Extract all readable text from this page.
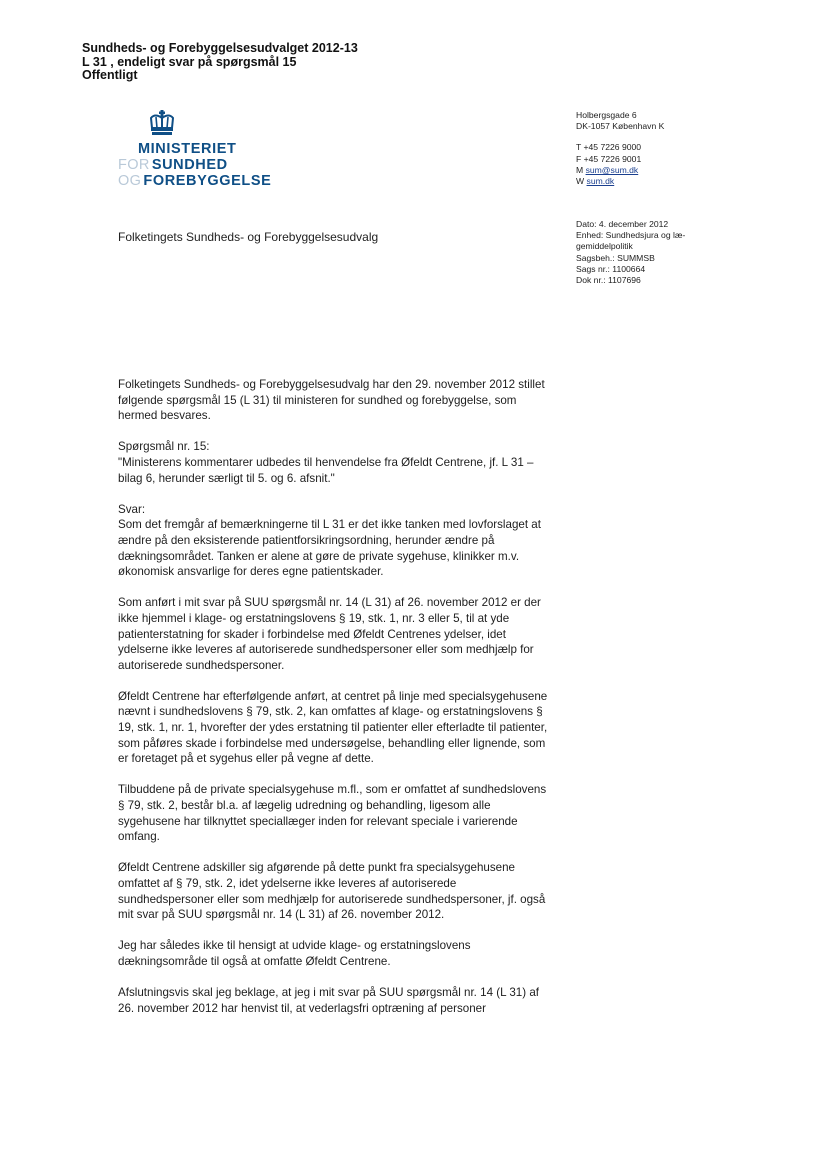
Sundheds- og Forebyggelsesudvalget 2012-13
L 31 , endeligt svar på spørgsmål 15
Offentligt
MINISTERIET
FOR SUNDHED
OG FOREBYGGELSE
Folketingets Sundheds- og Forebyggelsesudvalg
Holbergsgade 6
DK-1057 København K
T +45 7226 9000
F +45 7226 9001
M sum@sum.dk
W sum.dk
Dato: 4. december 2012
Enhed: Sundhedsjura og læ-
gemiddelpolitik
Sagsbeh.: SUMMSB
Sags nr.: 1100664
Dok nr.: 1107696

Folketingets Sundheds- og Forebyggelsesudvalg har den 29. november 2012 stillet følgende spørgsmål 15 (L 31) til ministeren for sundhed og forebyggelse, som hermed besvares.

Spørgsmål nr. 15:
"Ministerens kommentarer udbedes til henvendelse fra Øfeldt Centrene, jf. L 31 – bilag 6, herunder særligt til 5. og 6. afsnit."

Svar:
Som det fremgår af bemærkningerne til L 31 er det ikke tanken med lovforslaget at ændre på den eksisterende patientforsikringsordning, herunder ændre på dækningsområdet. Tanken er alene at gøre de private sygehuse, klinikker m.v. økonomisk ansvarlige for deres egne patientskader.

Som anført i mit svar på SUU spørgsmål nr. 14 (L 31) af 26. november 2012 er der ikke hjemmel i klage- og erstatningslovens § 19, stk. 1, nr. 3 eller 5, til at yde patienterstatning for skader i forbindelse med Øfeldt Centrenes ydelser, idet ydelserne ikke leveres af autoriserede sundhedspersoner eller som medhjælp for autoriserede sundhedspersoner.

Øfeldt Centrene har efterfølgende anført, at centret på linje med specialsygehusene nævnt i sundhedslovens § 79, stk. 2, kan omfattes af klage- og erstatningslovens § 19, stk. 1, nr. 1, hvorefter der ydes erstatning til patienter eller efterladte til patienter, som påføres skade i forbindelse med undersøgelse, behandling eller lignende, som er foretaget på et sygehus eller på vegne af dette.

Tilbuddene på de private specialsygehuse m.fl., som er omfattet af sundhedslovens § 79, stk. 2, består bl.a. af lægelig udredning og behandling, ligesom alle sygehusene har tilknyttet speciallæger inden for relevant speciale i varierende omfang.

Øfeldt Centrene adskiller sig afgørende på dette punkt fra specialsygehusene omfattet af § 79, stk. 2, idet ydelserne ikke leveres af autoriserede sundhedspersoner eller som medhjælp for autoriserede sundhedspersoner, jf. også mit svar på SUU spørgsmål nr. 14 (L 31) af 26. november 2012.

Jeg har således ikke til hensigt at udvide klage- og erstatningslovens dækningsområde til også at omfatte Øfeldt Centrene.

Afslutningsvis skal jeg beklage, at jeg i mit svar på SUU spørgsmål nr. 14 (L 31) af 26. november 2012 har henvist til, at vederlagsfri optræning af personer
